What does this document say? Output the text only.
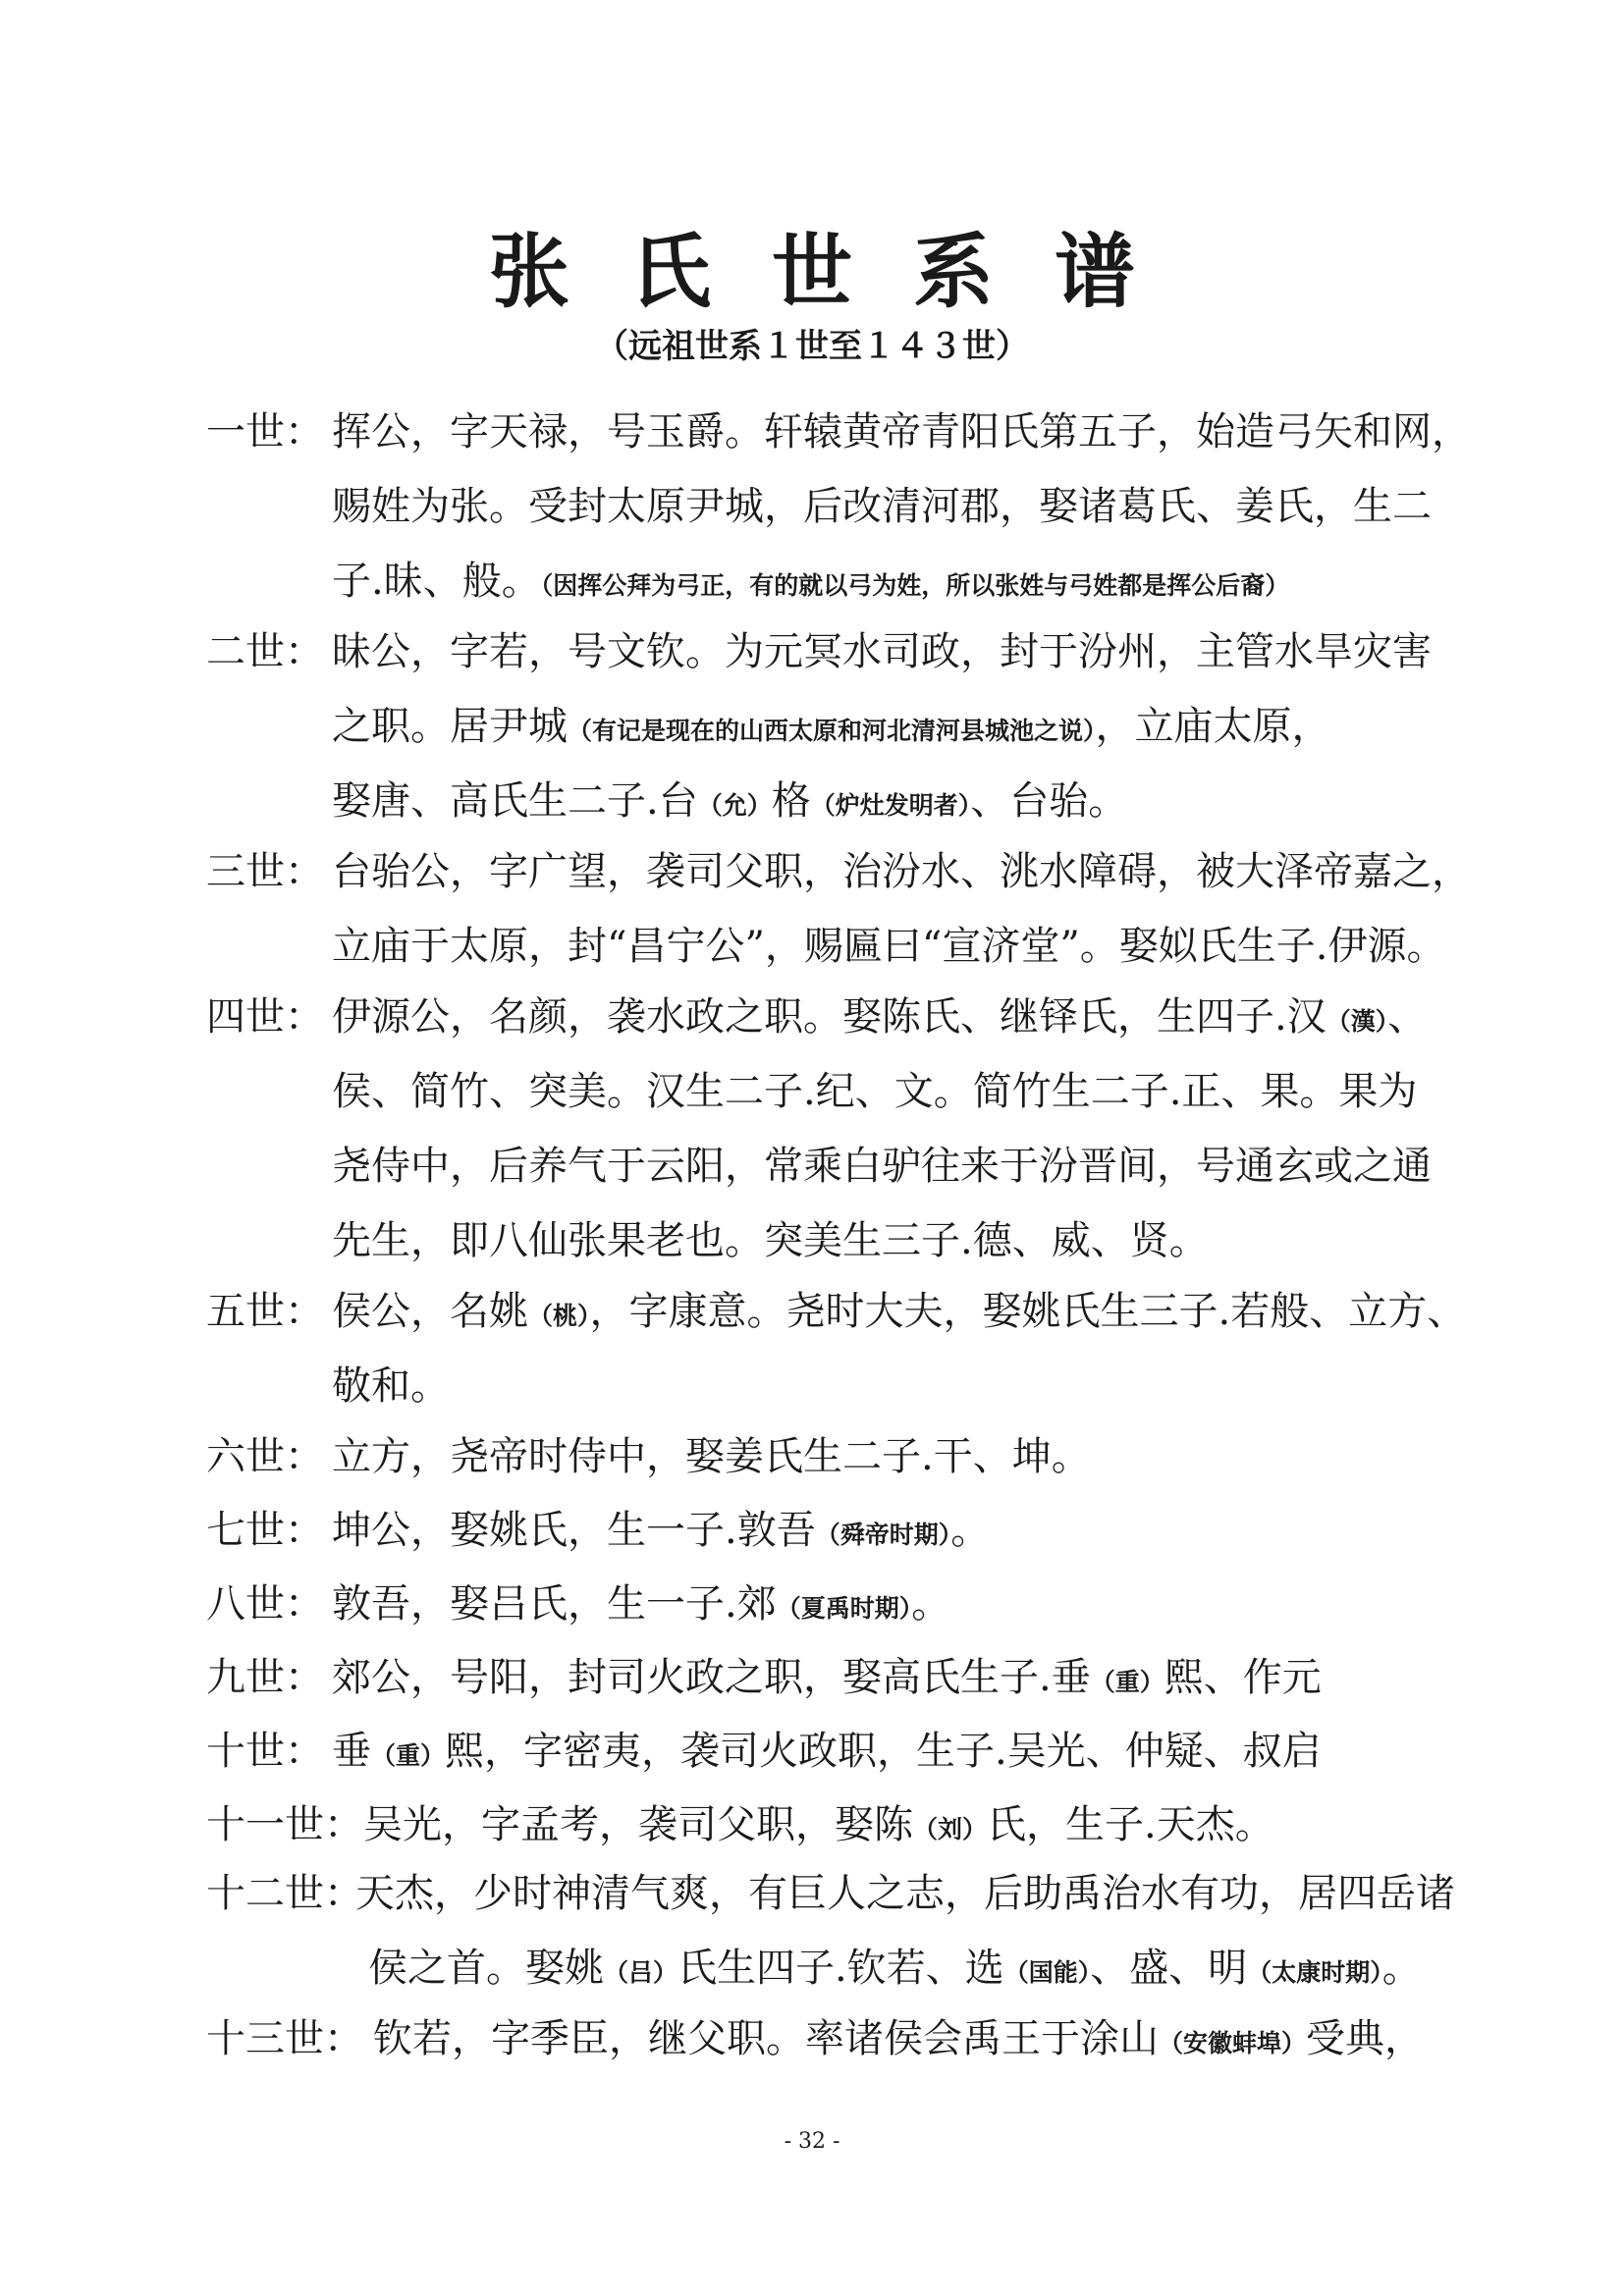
张氏世系谱
（远祖世系１世至１４３世）
一世： 挥公，字天禄，号玉爵。轩辕黄帝青阳氏第五子，始造弓矢和网，
赐姓为张。受封太原尹城，后改清河郡，娶诸葛氏、姜氏，生二
子.昧、般。（因挥公拜为弓正，有的就以弓为姓，所以张姓与弓姓都是挥公后裔）
二世： 昧公，字若，号文钦。为元冥水司政，封于汾州，主管水旱灾害
之职。居尹城（有记是现在的山西太原和河北清河县城池之说），立庙太原，
娶唐、高氏生二子.台（允）格（炉灶发明者）、台骀。
三世： 台骀公，字广望，袭司父职，治汾水、洮水障碍，被大泽帝嘉之，
立庙于太原，封“昌宁公”，赐匾曰“宣济堂”。娶姒氏生子.伊源。
四世： 伊源公，名颜，袭水政之职。娶陈氏、继铎氏，生四子.汉（漢）、
侯、简竹、突美。汉生二子.纪、文。简竹生二子.正、果。果为
尧侍中，后养气于云阳，常乘白驴往来于汾晋间，号通玄或之通
先生，即八仙张果老也。突美生三子.德、威、贤。
五世： 侯公，名姚（桃），字康意。尧时大夫，娶姚氏生三子.若般、立方、
敬和。
六世： 立方，尧帝时侍中，娶姜氏生二子.干、坤。
七世： 坤公，娶姚氏，生一子.敦吾（舜帝时期）。
八世： 敦吾，娶吕氏，生一子.郊（夏禹时期）。
九世： 郊公，号阳，封司火政之职，娶高氏生子.垂（重）熙、作元
十世： 垂（重）熙，字密夷，袭司火政职，生子.吴光、仲疑、叔启
十一世： 吴光，字孟考，袭司父职，娶陈（刘）氏，生子.天杰。
十二世：
天杰，少时神清气爽，有巨人之志，后助禹治水有功，居四岳诸
侯之首。娶姚（吕）氏生四子.钦若、选（国能）、盛、明（太康时期）。
十三世： 钦若，字季臣，继父职。率诸侯会禹王于涂山（安徽蚌埠）受典，
- 32 -
